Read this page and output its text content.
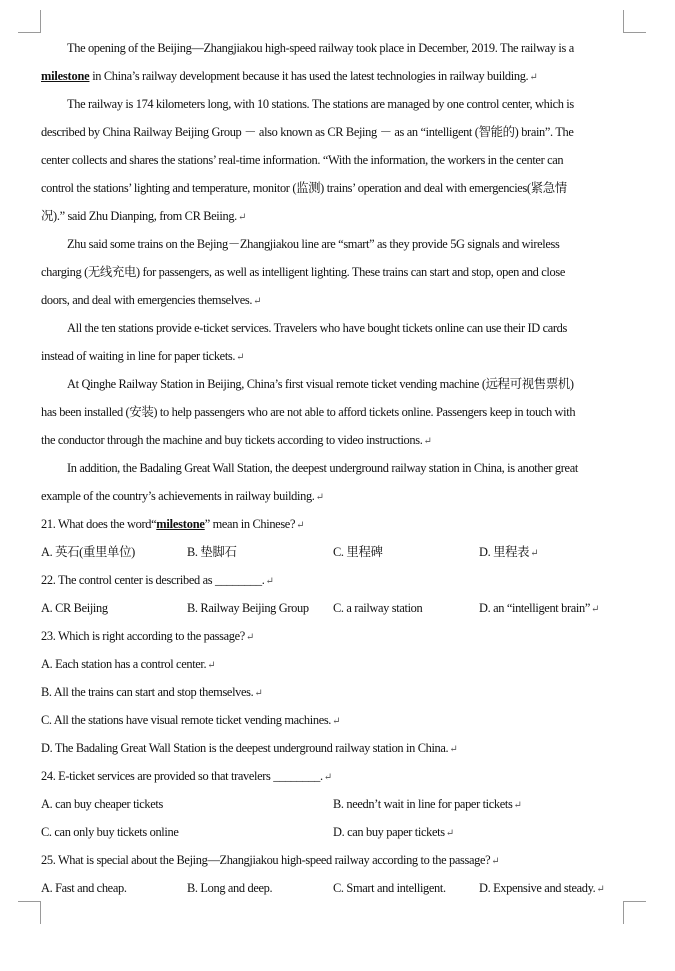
The opening of the Beijing—Zhangjiakou high-speed railway took place in December, 2019. The railway is a
milestone in China’s railway development because it has used the latest technologies in railway building.↵
The railway is 174 kilometers long, with 10 stations. The stations are managed by one control center, which is
described by China Railway Beijing Group － also known as CR Bejing － as an “intelligent (智能的) brain”. The
center collects and shares the stations’ real-time information. “With the information, the workers in the center can
control the stations’ lighting and temperature, monitor (监测) trains’ operation and deal with emergencies(紧急情
况).” said Zhu Dianping, from CR Beiing.↵
Zhu said some trains on the Bejing－Zhangjiakou line are “smart” as they provide 5G signals and wireless
charging (无线充电) for passengers, as well as intelligent lighting. These trains can start and stop, open and close
doors, and deal with emergencies themselves.↵
All the ten stations provide e-ticket services. Travelers who have bought tickets online can use their ID cards
instead of waiting in line for paper tickets.↵
At Qinghe Railway Station in Beijing, China’s first visual remote ticket vending machine (远程可视售票机)
has been installed (安装) to help passengers who are not able to afford tickets online. Passengers keep in touch with
the conductor through the machine and buy tickets according to video instructions.↵
In addition, the Badaling Great Wall Station, the deepest underground railway station in China, is another great
example of the country’s achievements in railway building.↵
21. What does the word“milestone” mean in Chinese?↵
A. 英石(重里单位)	B. 垫脚石	C. 里程碑	D. 里程表↵
22. The control center is described as ________.↵
A. CR Beijing	B. Railway Beijing Group	C. a railway station	D. an “intelligent brain”↵
23. Which is right according to the passage?↵
A. Each station has a control center.↵
B. All the trains can start and stop themselves.↵
C. All the stations have visual remote ticket vending machines.↵
D. The Badaling Great Wall Station is the deepest underground railway station in China.↵
24. E-ticket services are provided so that travelers ________.↵
A. can buy cheaper tickets	B. needn’t wait in line for paper tickets↵
C. can only buy tickets online	D. can buy paper tickets↵
25. What is special about the Bejing—Zhangjiakou high-speed railway according to the passage?↵
A. Fast and cheap.	B. Long and deep.	C. Smart and intelligent.	D. Expensive and steady.↵
